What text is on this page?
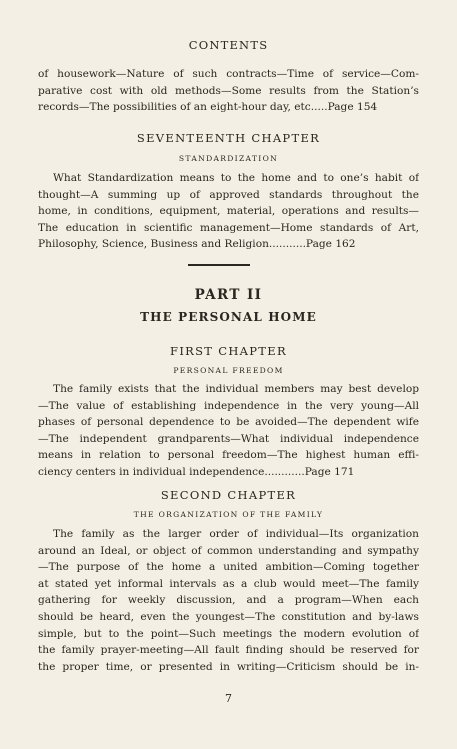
CONTENTS
of housework—Nature of such contracts—Time of service—Com-
parative cost with old methods—Some results from the Station’s
records—The possibilities of an eight-hour day, etc.....Page 154
SEVENTEENTH CHAPTER
STANDARDIZATION
What Standardization means to the home and to one’s habit of
thought—A summing up of approved standards throughout the
home, in conditions, equipment, material, operations and results—
The education in scientific management—Home standards of Art,
Philosophy, Science, Business and Religion...........Page 162
PART II
THE PERSONAL HOME
FIRST CHAPTER
PERSONAL FREEDOM
The family exists that the individual members may best develop
—The value of establishing independence in the very young—All
phases of personal dependence to be avoided—The dependent wife
—The independent grandparents—What individual independence
means in relation to personal freedom—The highest human effi-
ciency centers in individual independence............Page 171
SECOND CHAPTER
THE ORGANIZATION OF THE FAMILY
The family as the larger order of individual—Its organization
around an Ideal, or object of common understanding and sympathy
—The purpose of the home a united ambition—Coming together
at stated yet informal intervals as a club would meet—The family
gathering for weekly discussion, and a program—When each
should be heard, even the youngest—The constitution and by-laws
simple, but to the point—Such meetings the modern evolution of
the family prayer-meeting—All fault finding should be reserved for
the proper time, or presented in writing—Criticism should be in-
7
